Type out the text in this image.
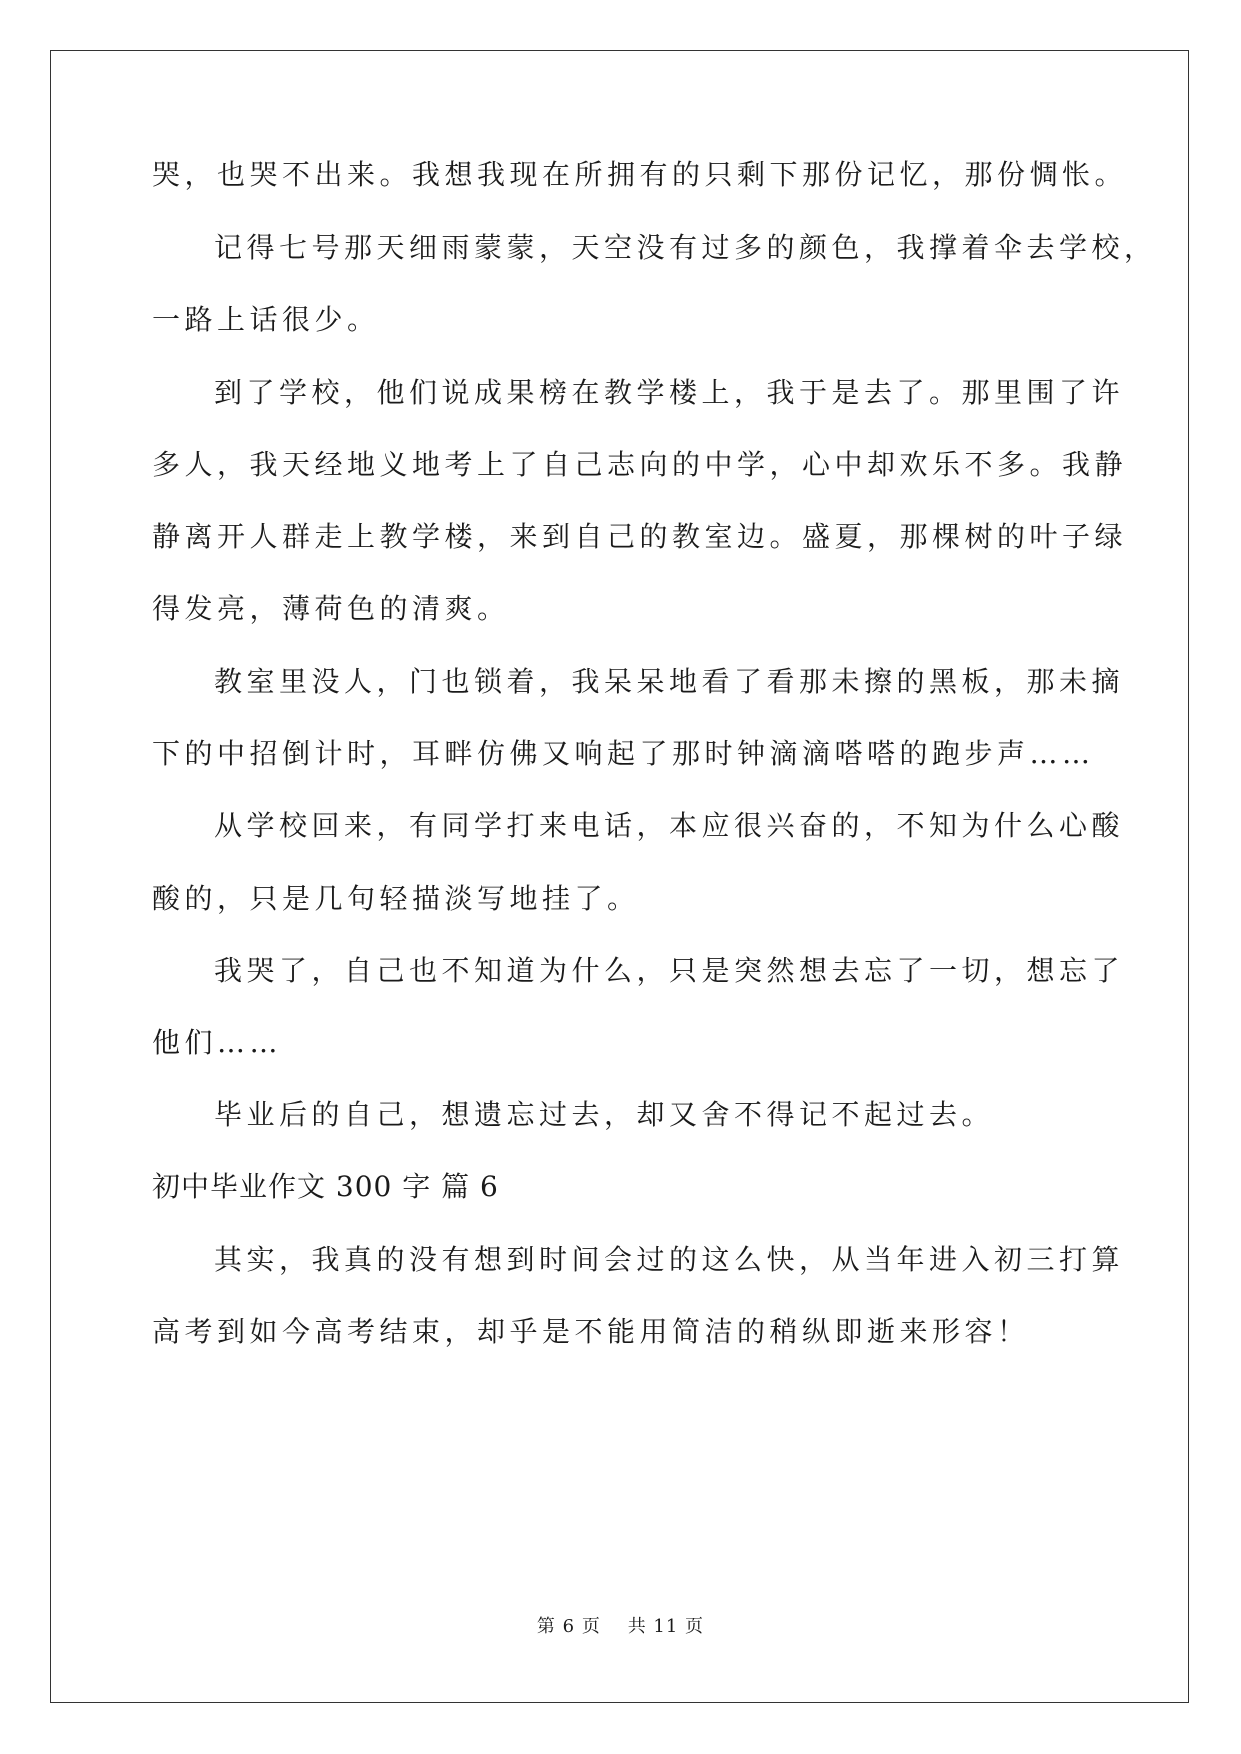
哭，也哭不出来。我想我现在所拥有的只剩下那份记忆，那份惆怅。

记得七号那天细雨蒙蒙，天空没有过多的颜色，我撑着伞去学校，

一路上话很少。

到了学校，他们说成果榜在教学楼上，我于是去了。那里围了许

多人，我天经地义地考上了自己志向的中学，心中却欢乐不多。我静

静离开人群走上教学楼，来到自己的教室边。盛夏，那棵树的叶子绿

得发亮，薄荷色的清爽。

教室里没人，门也锁着，我呆呆地看了看那未擦的黑板，那未摘

下的中招倒计时，耳畔仿佛又响起了那时钟滴滴嗒嗒的跑步声……

从学校回来，有同学打来电话，本应很兴奋的，不知为什么心酸

酸的，只是几句轻描淡写地挂了。

我哭了，自己也不知道为什么，只是突然想去忘了一切，想忘了

他们……

毕业后的自己，想遗忘过去，却又舍不得记不起过去。

初中毕业作文 300 字 篇 6

其实，我真的没有想到时间会过的这么快，从当年进入初三打算

高考到如今高考结束，却乎是不能用简洁的稍纵即逝来形容！

第 6 页    共 11 页
